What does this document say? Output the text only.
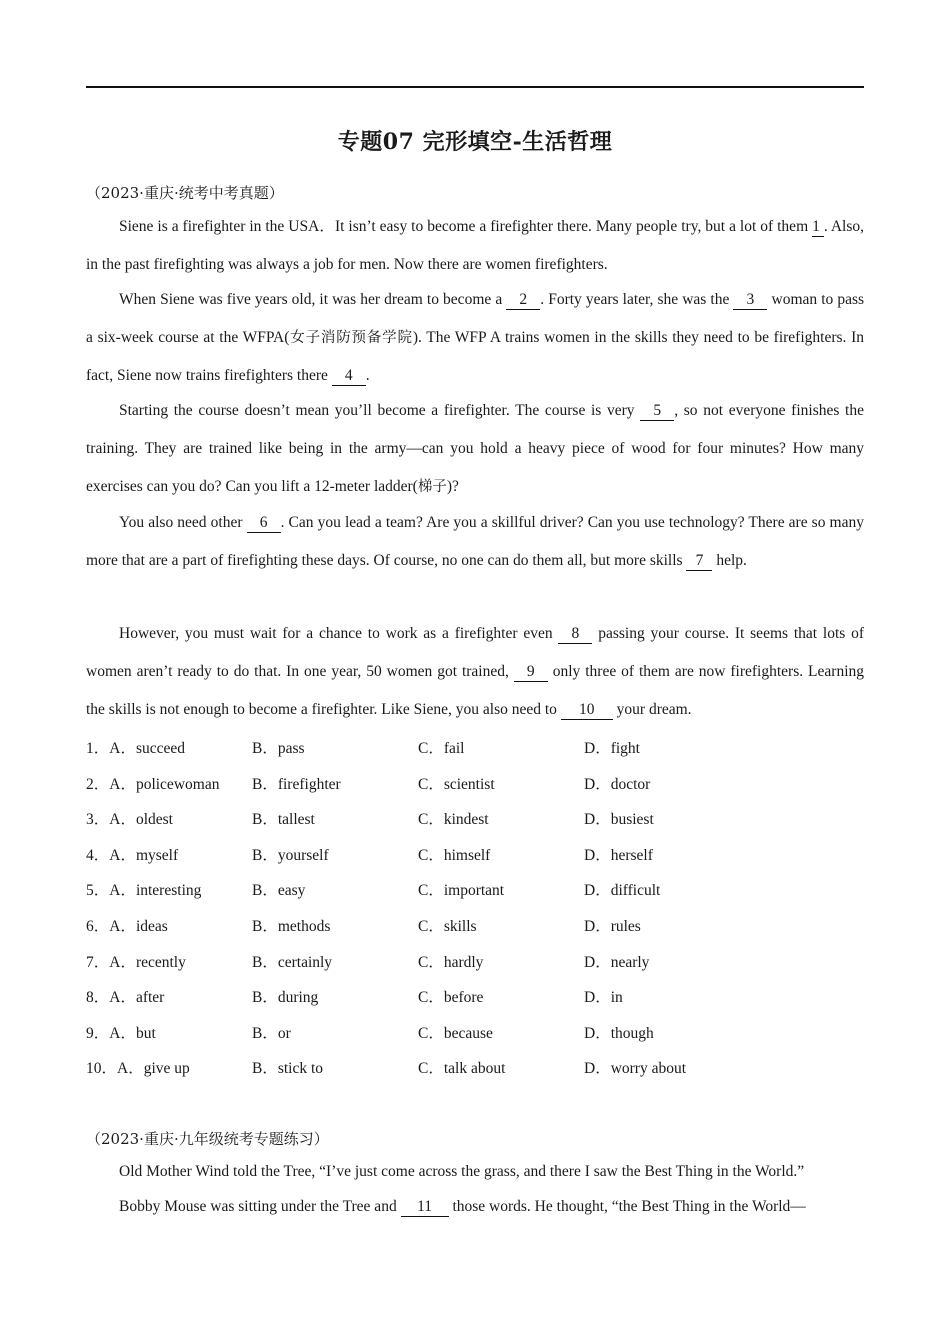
专题07 完形填空-生活哲理
（2023·重庆·统考中考真题）

Siene is a firefighter in the USA．It isn’t easy to become a firefighter there. Many people try, but a lot of them 1 . Also, in the past firefighting was always a job for men. Now there are women firefighters.

When Siene was five years old, it was her dream to become a 2 . Forty years later, she was the 3 woman to pass a six-week course at the WFPA(女子消防预备学院). The WFP A trains women in the skills they need to be firefighters. In fact, Siene now trains firefighters there 4 .

Starting the course doesn’t mean you’ll become a firefighter. The course is very 5 , so not everyone finishes the training. They are trained like being in the army—can you hold a heavy piece of wood for four minutes? How many exercises can you do? Can you lift a 12-meter ladder(梯子)?

You also need other 6 . Can you lead a team? Are you a skillful driver? Can you use technology? There are so many more that are a part of firefighting these days. Of course, no one can do them all, but more skills 7 help.

However, you must wait for a chance to work as a firefighter even 8 passing your course. It seems that lots of women aren’t ready to do that. In one year, 50 women got trained, 9 only three of them are now firefighters. Learning the skills is not enough to become a firefighter. Like Siene, you also need to 10 your dream.

1．A．succeed	B．pass	C．fail	D．fight
2．A．policewoman B．firefighter	C．scientist	D．doctor
3．A．oldest	B．tallest	C．kindest	D．busiest
4．A．myself	B．yourself	C．himself	D．herself
5．A．interesting	B．easy	C．important	D．difficult
6．A．ideas	B．methods	C．skills	D．rules
7．A．recently	B．certainly	C．hardly	D．nearly
8．A．after	B．during	C．before	D．in
9．A．but	B．or	C．because	D．though
10．A．give up	B．stick to	C．talk about	D．worry about
（2023·重庆·九年级统考专题练习）

Old Mother Wind told the Tree, “I’ve just come across the grass, and there I saw the Best Thing in the World.”

Bobby Mouse was sitting under the Tree and 11 those words. He thought, “the Best Thing in the World—
